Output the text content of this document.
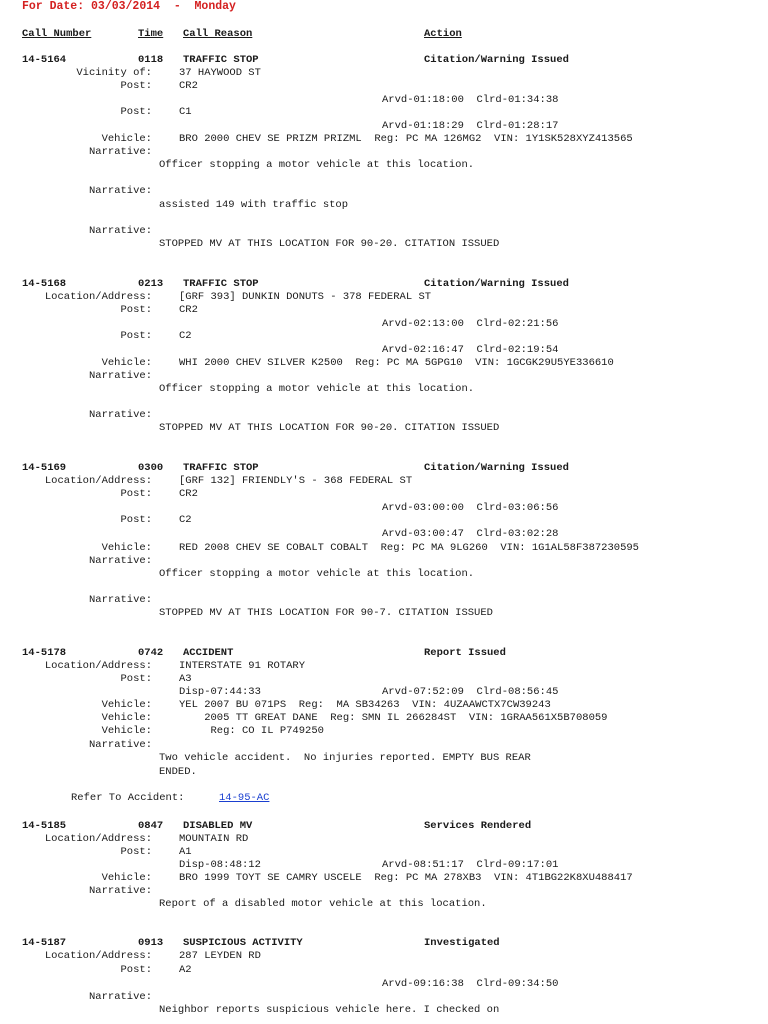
For Date: 03/03/2014  -  Monday
Call Number	Time Call Reason	Action
14-5164	0118 TRAFFIC STOP	Citation/Warning Issued
Vicinity of:	37 HAYWOOD ST
Post:	CR2
Arvd-01:18:00  Clrd-01:34:38
Post:	C1
Arvd-01:18:29  Clrd-01:28:17
Vehicle:	BRO 2000 CHEV SE PRIZM PRIZML  Reg: PC MA 126MG2  VIN: 1Y1SK528XYZ413565
Narrative:
Officer stopping a motor vehicle at this location.
Narrative:
assisted 149 with traffic stop
Narrative:
STOPPED MV AT THIS LOCATION FOR 90-20. CITATION ISSUED
14-5168	0213 TRAFFIC STOP	Citation/Warning Issued
Location/Address:	[GRF 393] DUNKIN DONUTS - 378 FEDERAL ST
Post:	CR2
Arvd-02:13:00  Clrd-02:21:56
Post:	C2
Arvd-02:16:47  Clrd-02:19:54
Vehicle:	WHI 2000 CHEV SILVER K2500  Reg: PC MA 5GPG10  VIN: 1GCGK29U5YE336610
Narrative:
Officer stopping a motor vehicle at this location.
Narrative:
STOPPED MV AT THIS LOCATION FOR 90-20. CITATION ISSUED
14-5169	0300 TRAFFIC STOP	Citation/Warning Issued
Location/Address:	[GRF 132] FRIENDLY'S - 368 FEDERAL ST
Post:	CR2
Arvd-03:00:00  Clrd-03:06:56
Post:	C2
Arvd-03:00:47  Clrd-03:02:28
Vehicle:	RED 2008 CHEV SE COBALT COBALT  Reg: PC MA 9LG260  VIN: 1G1AL58F387230595
Narrative:
Officer stopping a motor vehicle at this location.
Narrative:
STOPPED MV AT THIS LOCATION FOR 90-7. CITATION ISSUED
14-5178	0742 ACCIDENT	Report Issued
Location/Address:	INTERSTATE 91 ROTARY
Post:	A3
Disp-07:44:33	Arvd-07:52:09  Clrd-08:56:45
Vehicle:	YEL 2007 BU 071PS  Reg:  MA SB34263  VIN: 4UZAAWCTX7CW39243
Vehicle:	2005 TT GREAT DANE  Reg: SMN IL 266284ST  VIN: 1GRAA561X5B708059
Vehicle:	Reg: CO IL P749250
Narrative:
Two vehicle accident.  No injuries reported. EMPTY BUS REAR
ENDED.
Refer To Accident:	14-95-AC
14-5185	0847 DISABLED MV	Services Rendered
Location/Address:	MOUNTAIN RD
Post:	A1
Disp-08:48:12	Arvd-08:51:17  Clrd-09:17:01
Vehicle:	BRO 1999 TOYT SE CAMRY USCELE  Reg: PC MA 278XB3  VIN: 4T1BG22K8XU488417
Narrative:
Report of a disabled motor vehicle at this location.
14-5187	0913 SUSPICIOUS ACTIVITY	Investigated
Location/Address:	287 LEYDEN RD
Post:	A2
Arvd-09:16:38  Clrd-09:34:50
Narrative:
Neighbor reports suspicious vehicle here. I checked on
